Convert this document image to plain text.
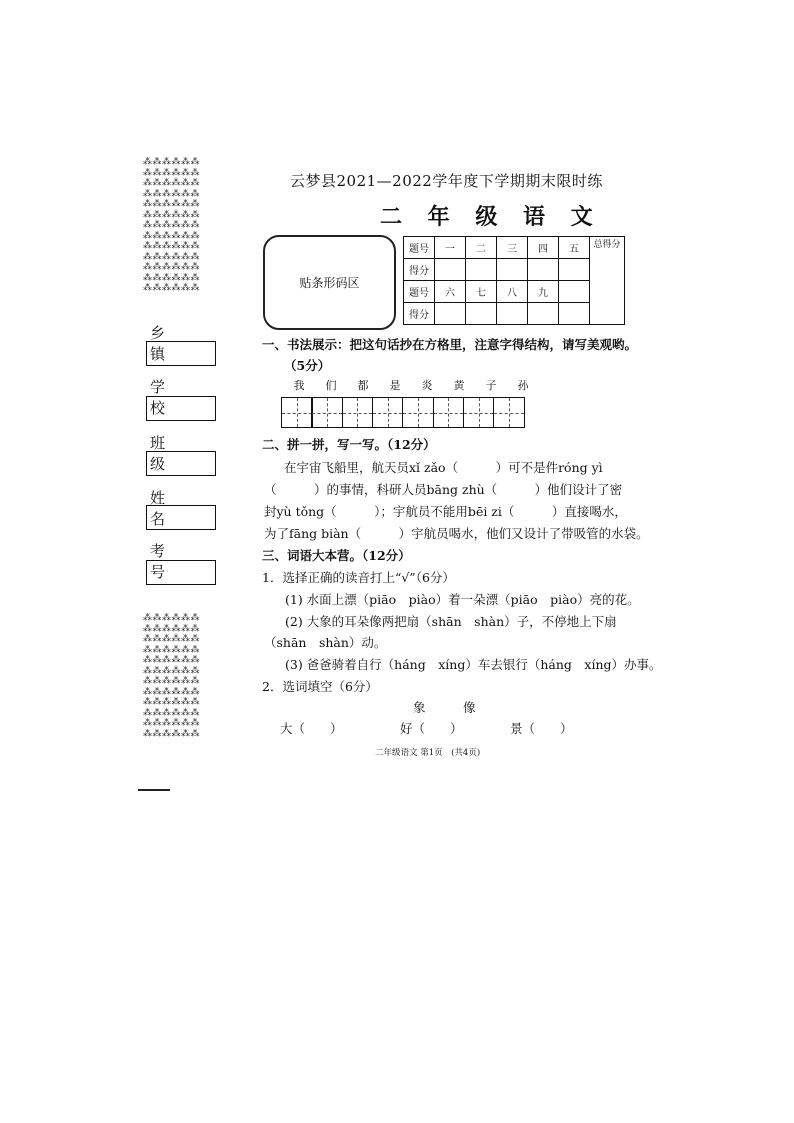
⁂⁂⁂⁂⁂⁂
⁂⁂⁂⁂⁂⁂
⁂⁂⁂⁂⁂⁂
⁂⁂⁂⁂⁂⁂
⁂⁂⁂⁂⁂⁂
⁂⁂⁂⁂⁂⁂
⁂⁂⁂⁂⁂⁂
⁂⁂⁂⁂⁂⁂
⁂⁂⁂⁂⁂⁂
⁂⁂⁂⁂⁂⁂
⁂⁂⁂⁂⁂⁂
⁂⁂⁂⁂⁂⁂
⁂⁂⁂⁂⁂⁂
⁂⁂⁂⁂⁂⁂
⁂⁂⁂⁂⁂⁂
⁂⁂⁂⁂⁂⁂
⁂⁂⁂⁂⁂⁂
⁂⁂⁂⁂⁂⁂
⁂⁂⁂⁂⁂⁂
⁂⁂⁂⁂⁂⁂
⁂⁂⁂⁂⁂⁂
⁂⁂⁂⁂⁂⁂
⁂⁂⁂⁂⁂⁂
⁂⁂⁂⁂⁂⁂
⁂⁂⁂⁂⁂⁂
乡 镇
学 校
班 级
姓 名
考 号
云梦县2021—2022学年度下学期期末限时练
二 年 级 语 文
贴条形码区
题号	一	二	三	四	五	总得分
得分						
题号	六	七	八	九		
得分						
一、书法展示：把这句话抄在方格里，注意字得结构，请写美观哟。
（5分）
我	们	都	是	炎	黄	子	孙
二、拼一拼，写一写。（12分）
在宇宙飞船里，航天员xǐ zǎo（　　　）可不是件róng yì
（　　　）的事情，科研人员bāng zhù（　　　）他们设计了密
封yù tǒng（　　　）；宇航员不能用bēi zi（　　　）直接喝水，
为了fāng biàn（　　　）宇航员喝水，他们又设计了带吸管的水袋。
三、词语大本营。（12分）
1．选择正确的读音打上“√”（6分）
(1) 水面上漂（piāo　piào）着一朵漂（piāo　piào）亮的花。
(2) 大象的耳朵像两把扇（shān　shàn）子，不停地上下扇
（shān　shàn）动。
(3) 爸爸骑着自行（háng　xíng）车去银行（háng　xíng）办事。
2．选词填空（6分）
象　　　像
大（　　）	好（　　）	景（　　）
二年级语文 第1页　(共4页)
